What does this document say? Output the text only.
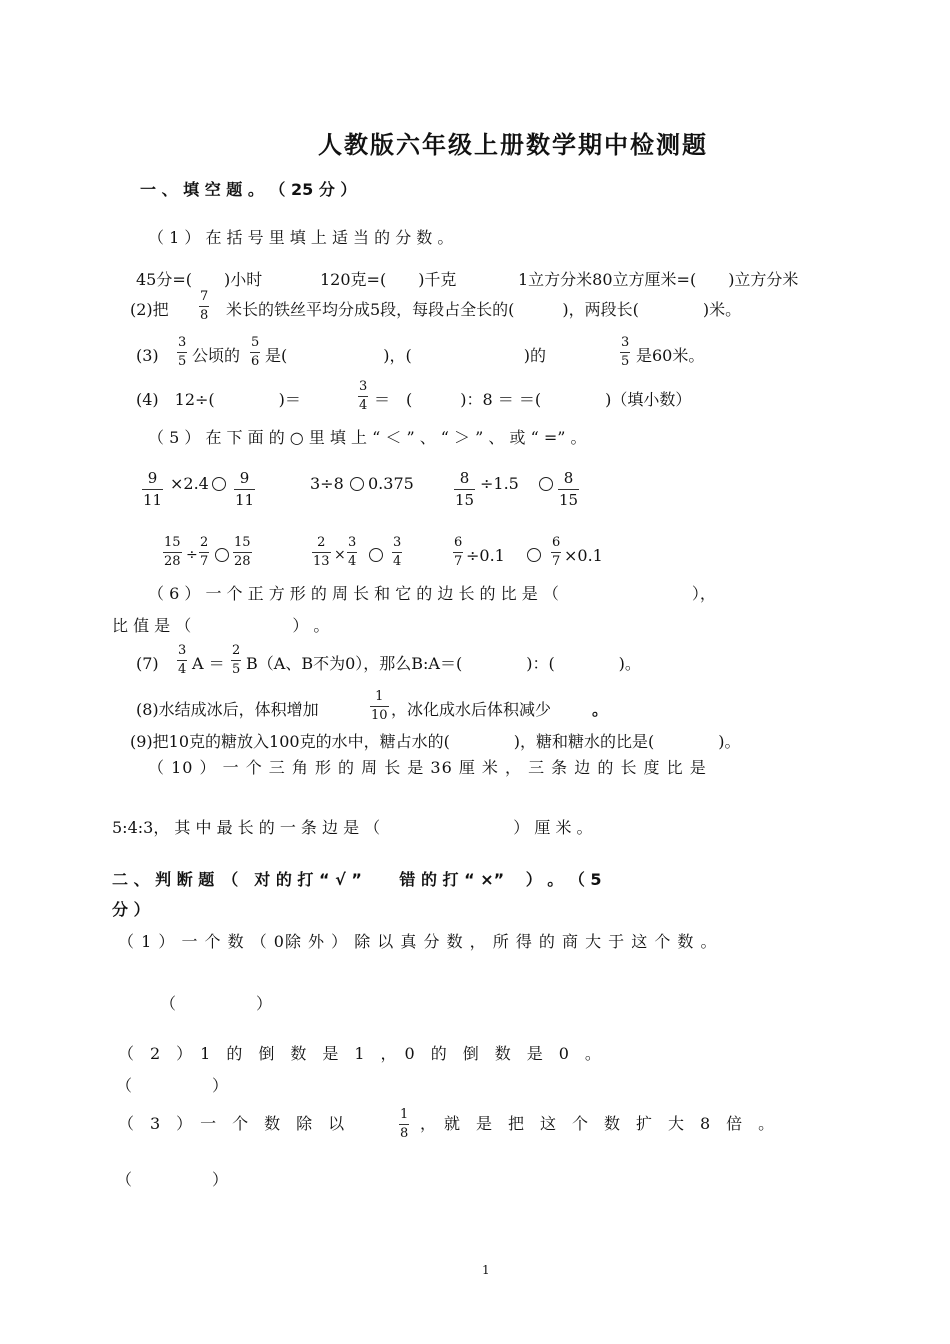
人教版六年级上册数学期中检测题
一 、 填 空 题 。 （ 25 分 ）
（ 1 ） 在 括 号 里 填 上 适 当 的 分 数 。
45分=(　　)小时	120克=(　　)千克	1立方分米80立方厘米=(　　)立方分米
(2)把
7
8 米长的铁丝平均分成5段，每段占全长的(　　　)，两段长(　　　　)米。
(3)
3
5 公顷的
5
6 是(　　　　　　)，(　　　　　　　)的
3
5 是60米。
(4)　12÷(　　　　)＝
3
4 ＝　(　　　)：8 ＝ ＝(　　　　)（填小数）
（ 5 ） 在 下 面 的 ○ 里 填 上 “ ＜ ” 、 “ ＞ ” 、 或 “ =” 。
9
11
×2.4 9
11
3÷8 0.375	8
15
÷1.5	8
15
15
28 ÷
2
7
15
28
2
13 ×
3
4
3
4
6
7 ÷0.1
6
7 ×0.1
（ 6 ） 一 个 正 方 形 的 周 长 和 它 的 边 长 的 比 是 （　　　　　　　　 ），
比 值 是 （　　　　　　 ） 。
(7)
3
4 A ＝
2
5 B（A、B不为0），那么B:A＝(　　　　)：(　　　　)。
(8)水结成冰后，体积增加
1
10 ，冰化成水后体积减少	。
(9)把10克的糖放入100克的水中，糖占水的(　　　　)，糖和糖水的比是(　　　　)。
（ 10 ） 一 个 三 角 形 的 周 长 是 36 厘 米 ， 三 条 边 的 长 度 比 是
5:4:3， 其 中 最 长 的 一 条 边 是 （　　　　　　　　 ） 厘 米 。
二 、 判 断 题　（　对 的 打 “ √ ”　　 错 的 打 “ ×”　 ） 。 （ 5
分 ）
（ 1 ） 一 个 数 （ 0除 外 ） 除 以 真 分 数 ， 所 得 的 商 大 于 这 个 数 。
（　　　　　）
（　2　）　1　的　倒　数　是　1　，　0　的　倒　数　是　0　。
（　　　　　）
（　3　）　一　个　数　除　以	1
8
，　就　是　把　这　个　数　扩　大　8　倍　。
（　　　　　）
1
